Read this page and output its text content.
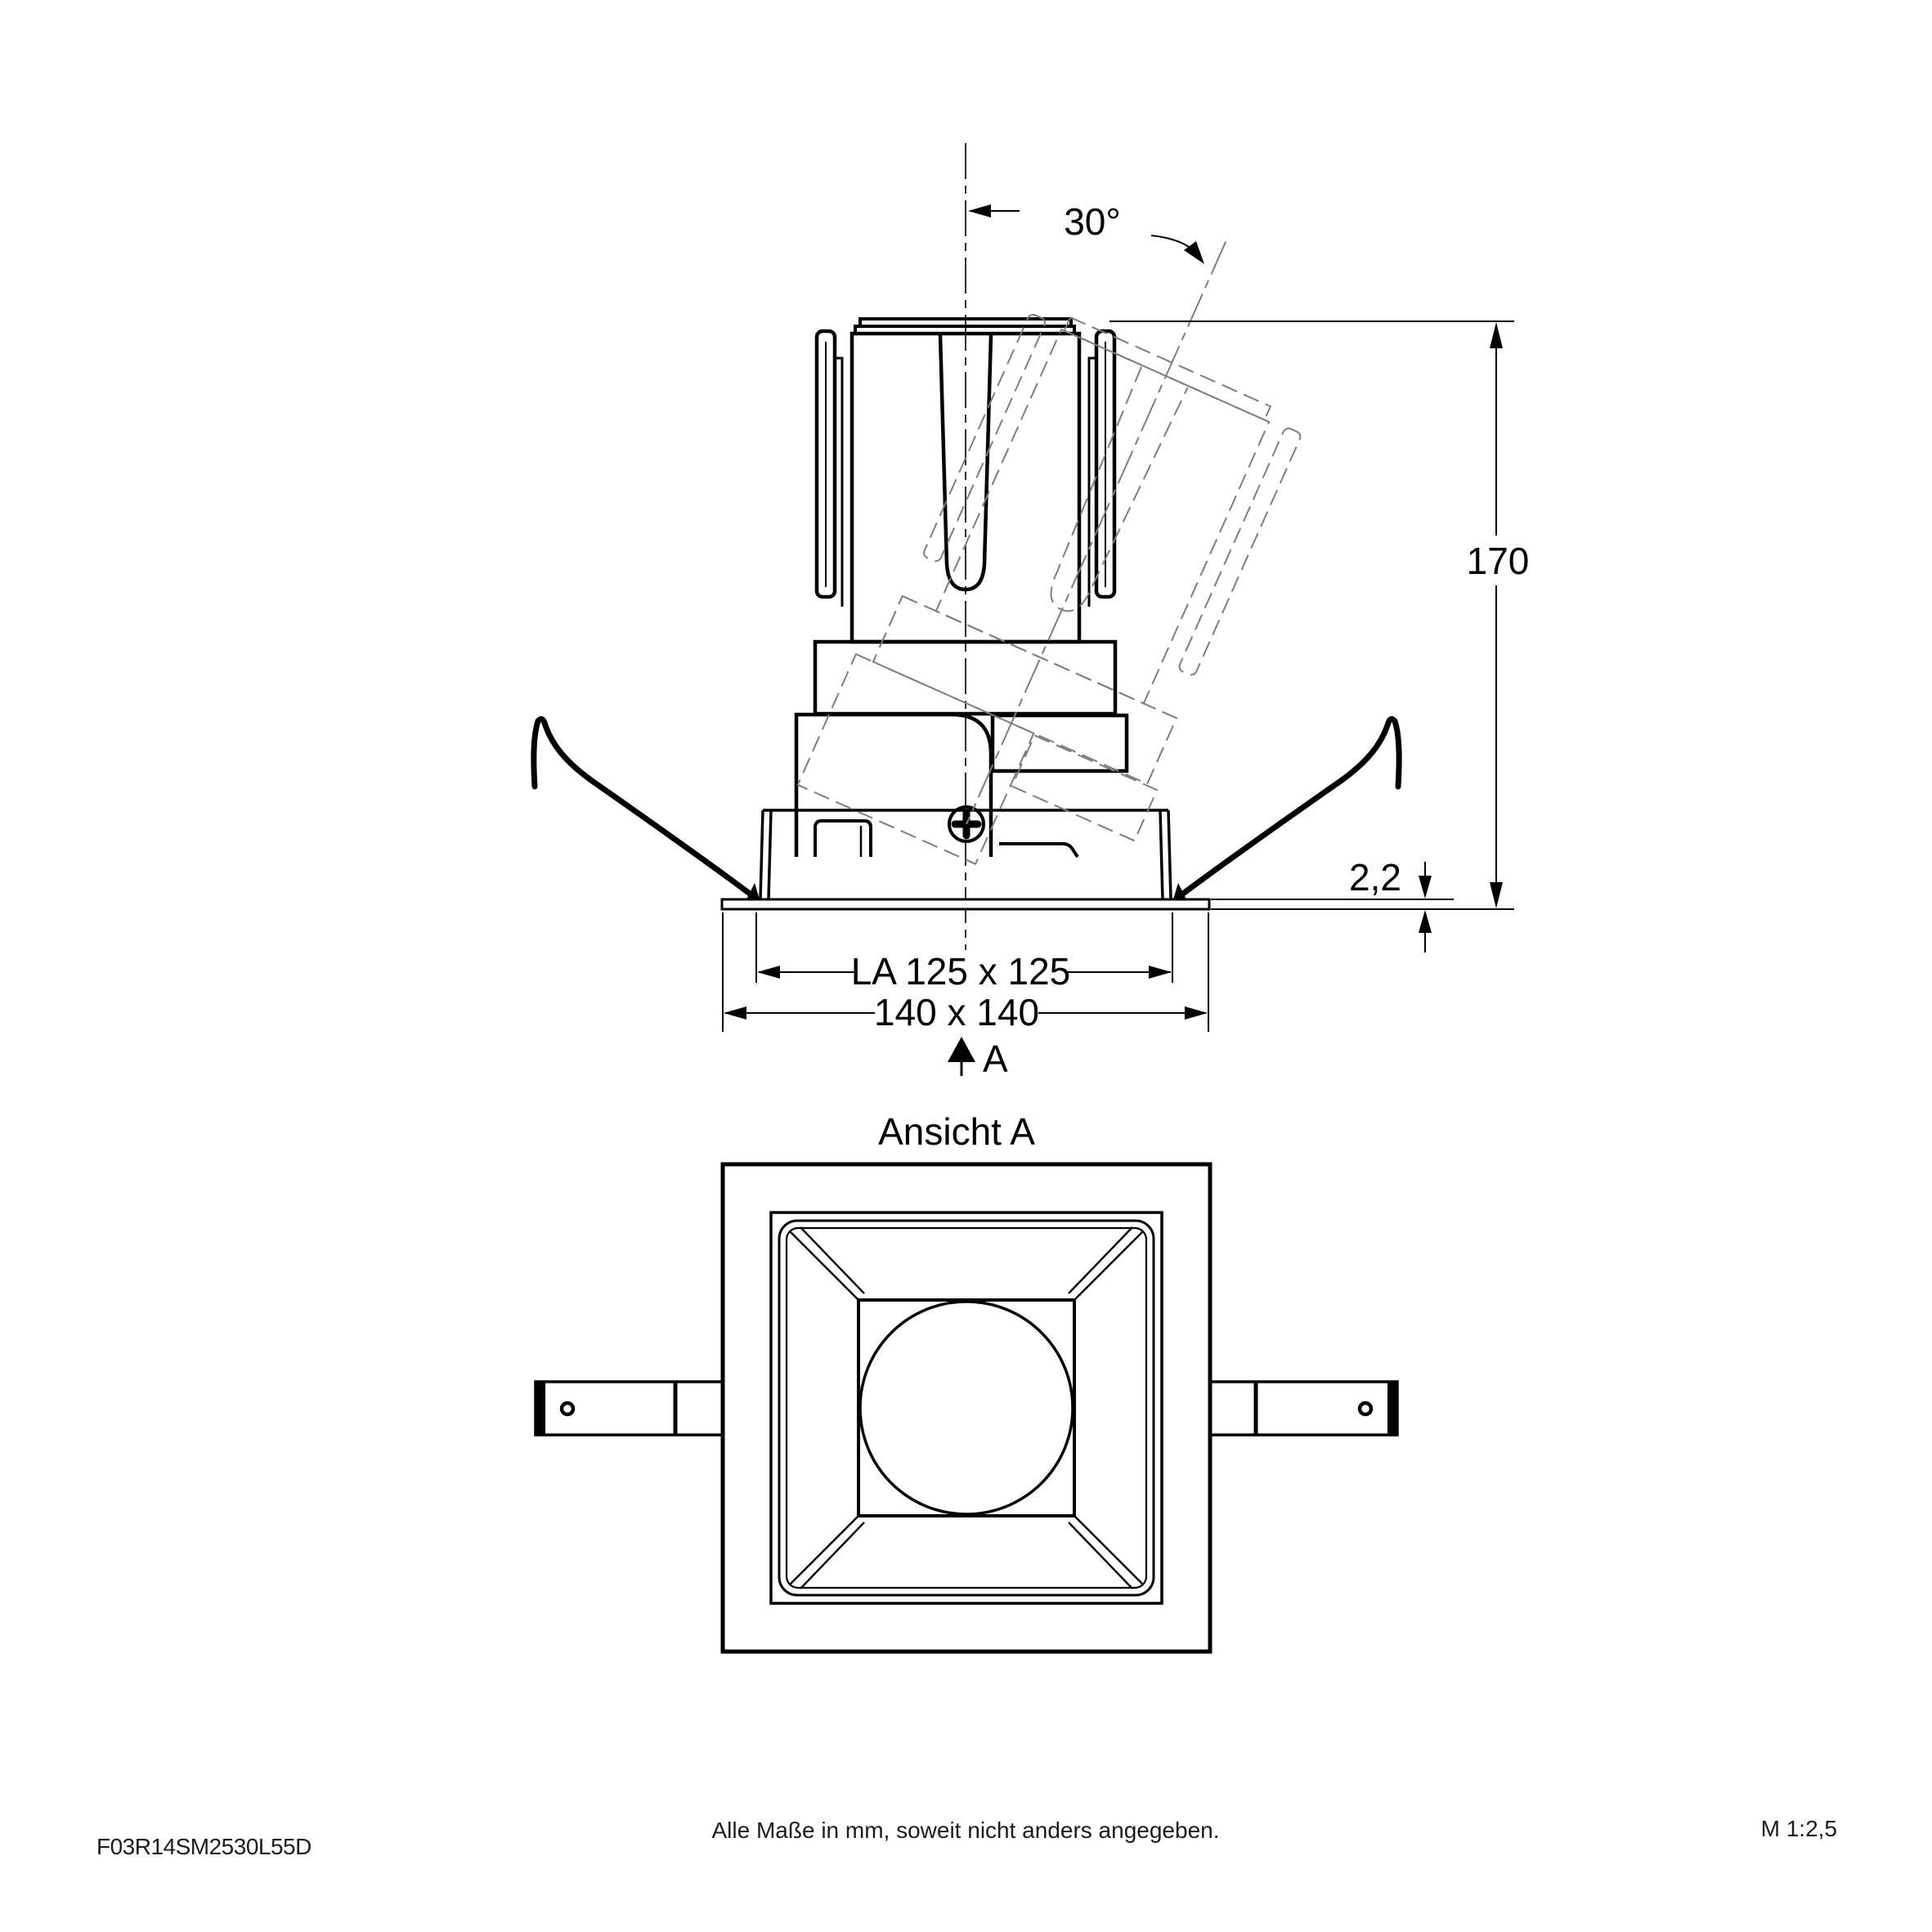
30°
170
2,2
LA 125 x 125
140 x 140
A
Ansicht A
F03R14SM2530L55D
Alle Maße in mm, soweit nicht anders angegeben.	M 1:2,5
